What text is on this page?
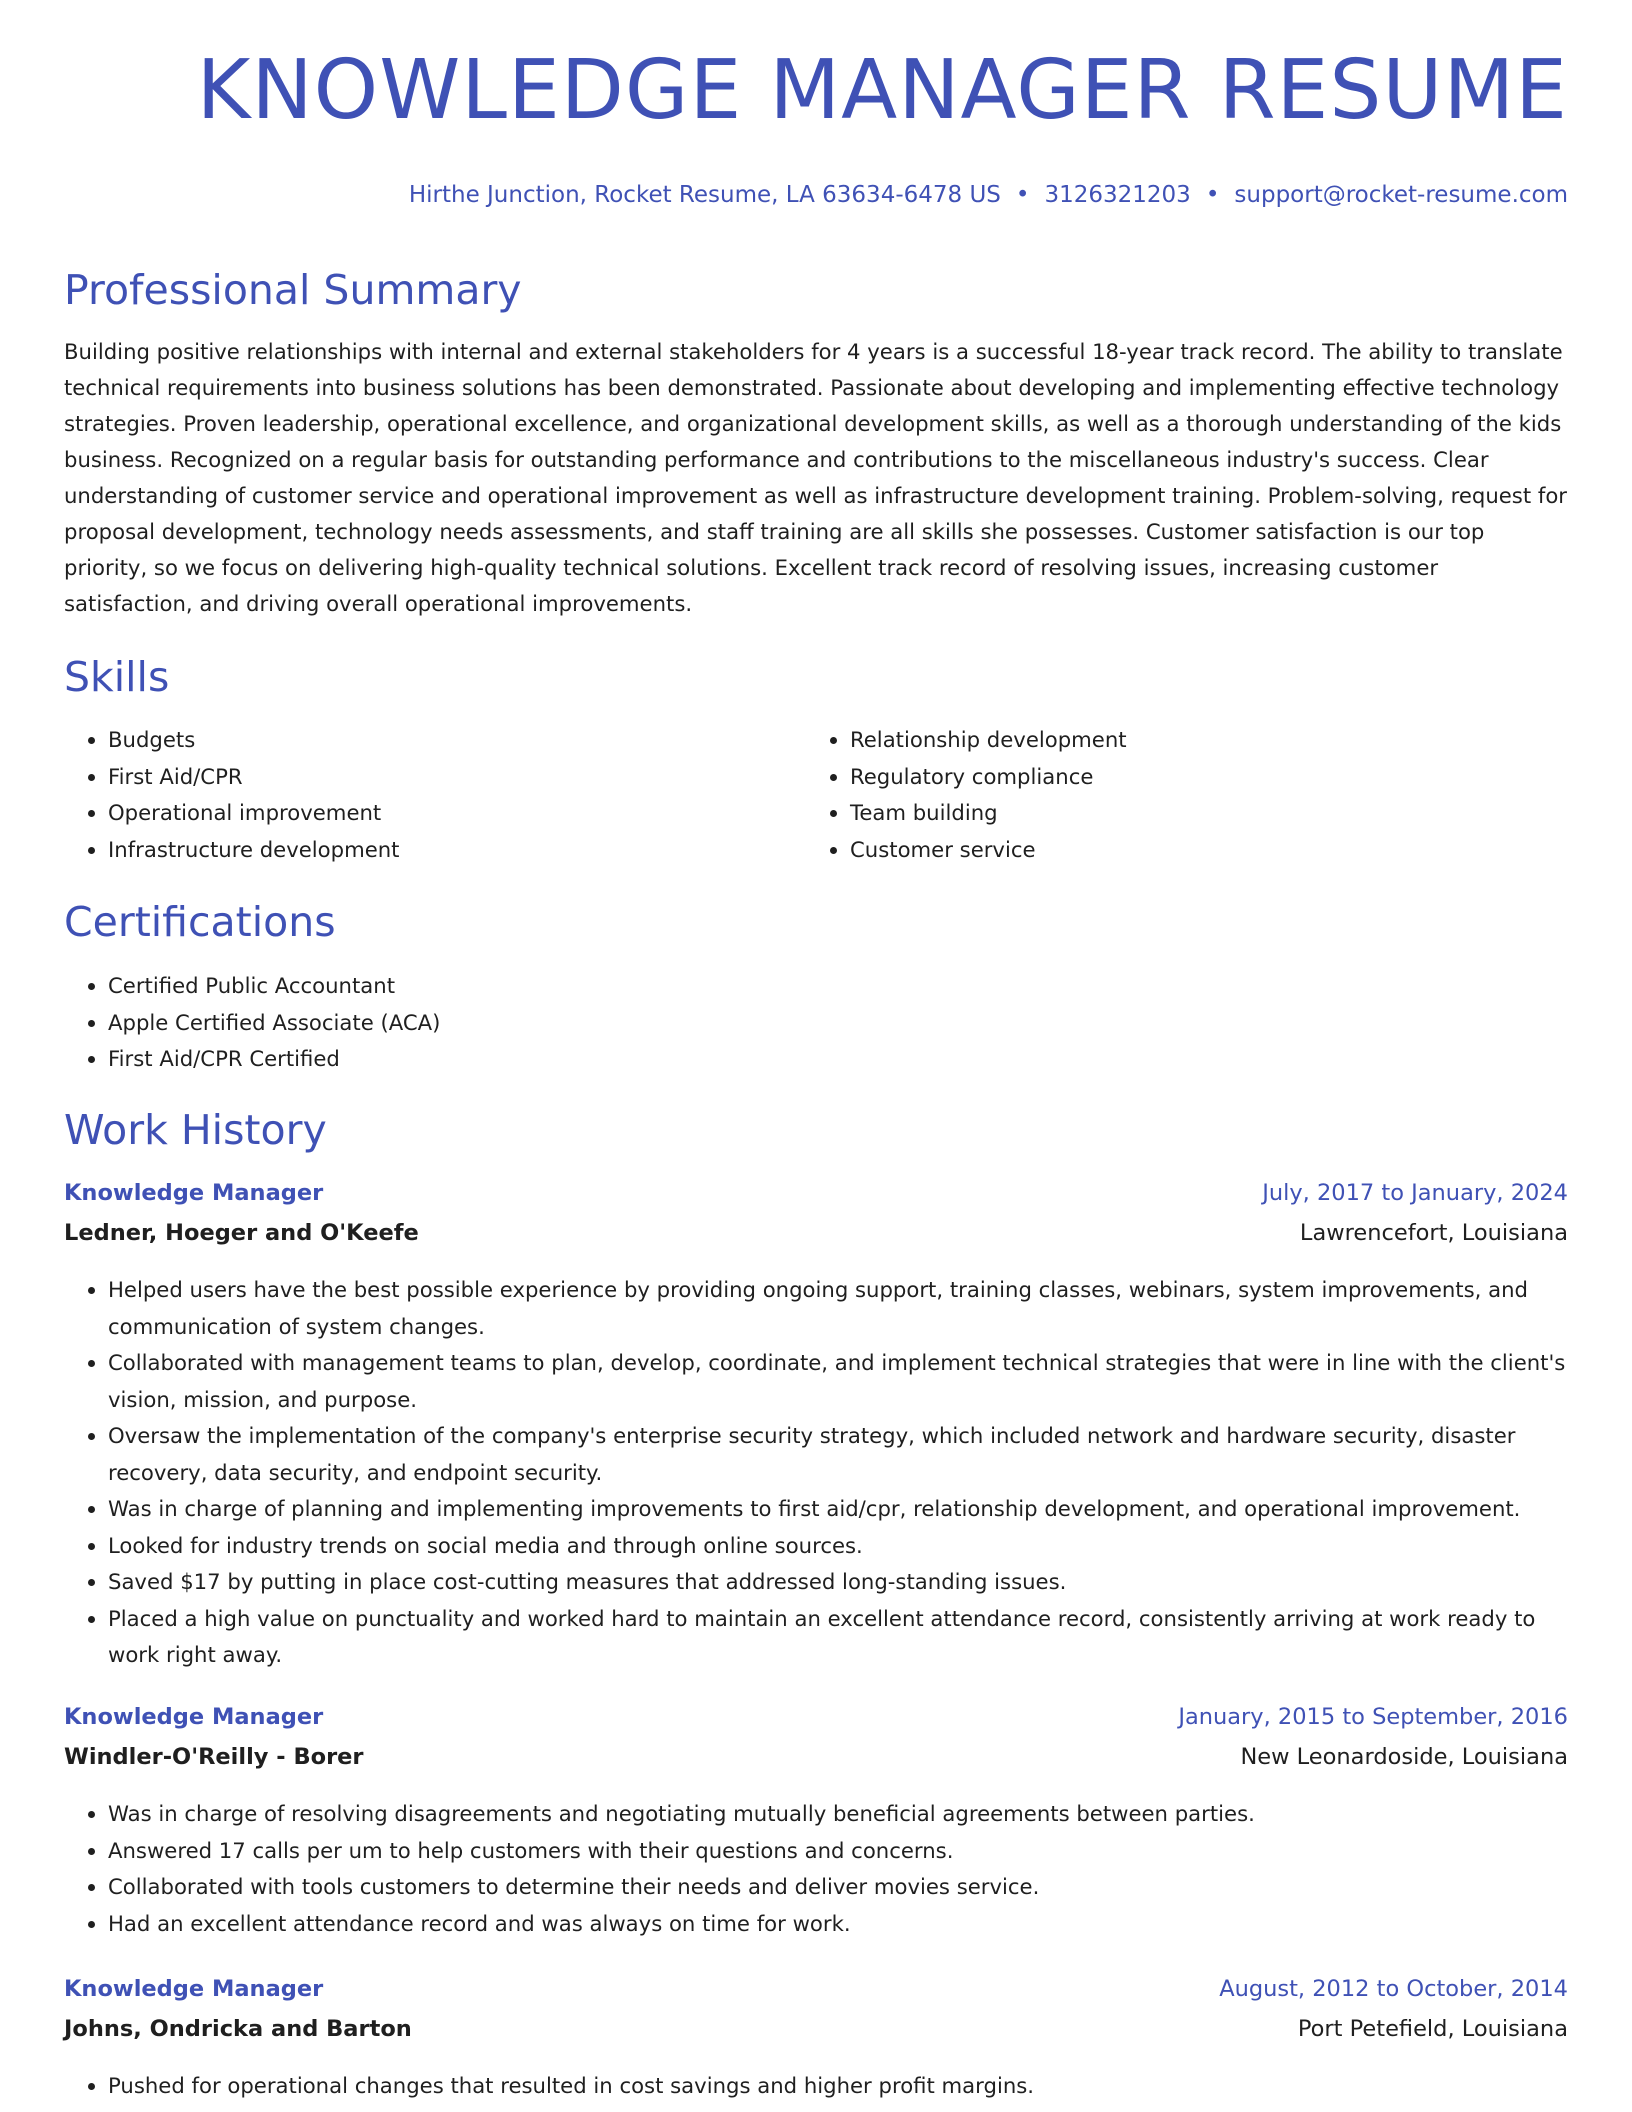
KNOWLEDGE MANAGER RESUME
Hirthe Junction, Rocket Resume, LA 63634-6478 US • 3126321203 • support@rocket-resume.com
Professional Summary

Building positive relationships with internal and external stakeholders for 4 years is a successful 18-year track record. The ability to translate technical requirements into business solutions has been demonstrated. Passionate about developing and implementing effective technology strategies. Proven leadership, operational excellence, and organizational development skills, as well as a thorough understanding of the kids business. Recognized on a regular basis for outstanding performance and contributions to the miscellaneous industry's success. Clear understanding of customer service and operational improvement as well as infrastructure development training. Problem-solving, request for proposal development, technology needs assessments, and staff training are all skills she possesses. Customer satisfaction is our top priority, so we focus on delivering high-quality technical solutions. Excellent track record of resolving issues, increasing customer satisfaction, and driving overall operational improvements.

Skills
• Budgets
• First Aid/CPR
• Operational improvement
• Infrastructure development
• Relationship development
• Regulatory compliance
• Team building
• Customer service
Certifications
• Certified Public Accountant
• Apple Certified Associate (ACA)
• First Aid/CPR Certified
Work History
Knowledge Manager	July, 2017 to January, 2024
Ledner, Hoeger and O'Keefe	Lawrencefort, Louisiana
• Helped users have the best possible experience by providing ongoing support, training classes, webinars, system improvements, and communication of system changes.
• Collaborated with management teams to plan, develop, coordinate, and implement technical strategies that were in line with the client's vision, mission, and purpose.
• Oversaw the implementation of the company's enterprise security strategy, which included network and hardware security, disaster recovery, data security, and endpoint security.
• Was in charge of planning and implementing improvements to first aid/cpr, relationship development, and operational improvement.
• Looked for industry trends on social media and through online sources.
• Saved $17 by putting in place cost-cutting measures that addressed long-standing issues.
• Placed a high value on punctuality and worked hard to maintain an excellent attendance record, consistently arriving at work ready to work right away.
Knowledge Manager	January, 2015 to September, 2016
Windler-O'Reilly - Borer	New Leonardoside, Louisiana
• Was in charge of resolving disagreements and negotiating mutually beneficial agreements between parties.
• Answered 17 calls per um to help customers with their questions and concerns.
• Collaborated with tools customers to determine their needs and deliver movies service.
• Had an excellent attendance record and was always on time for work.
Knowledge Manager	August, 2012 to October, 2014
Johns, Ondricka and Barton	Port Petefield, Louisiana
• Pushed for operational changes that resulted in cost savings and higher profit margins.
